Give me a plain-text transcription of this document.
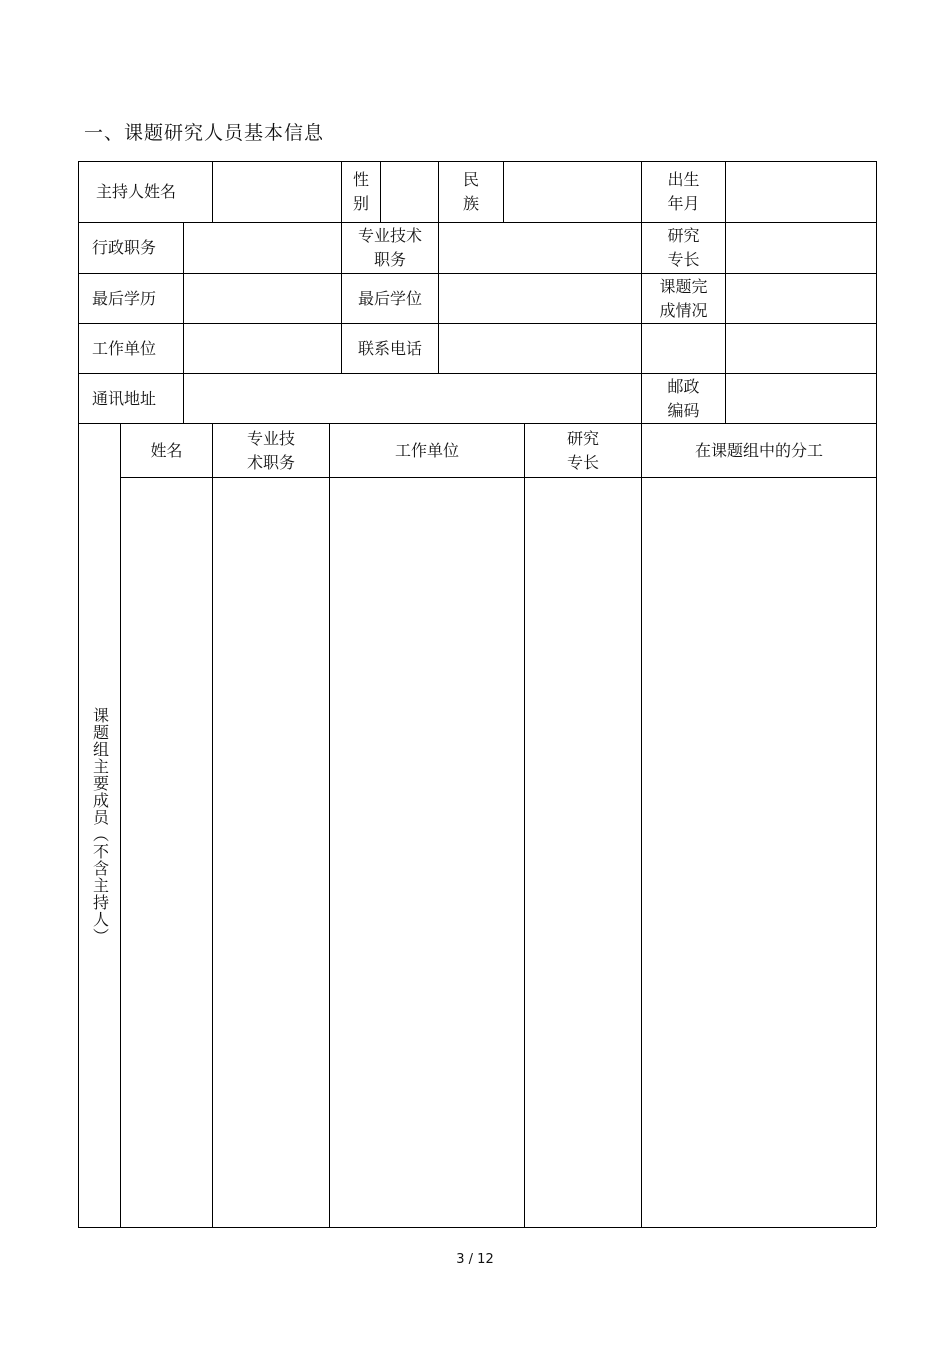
一、课题研究人员基本信息
主持人姓名
性
别
民
族
出生
年月
行政职务
专业技术
职务
研究
专长
最后学历	最后学位
课题完
成情况
工作单位	联系电话
通讯地址
邮政
编码
课题组主要成员（不含主持人）
姓名
专业技
术职务
工作单位
研究
专长
在课题组中的分工
3 / 12
